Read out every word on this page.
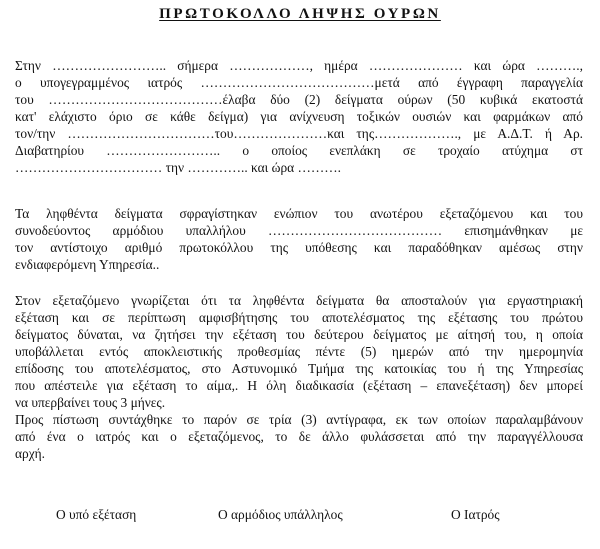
ΠΡΩΤΟΚΟΛΛΟ ΛΗΨΗΣ ΟΥΡΩΝ
Στην …………………….. σήμερα ………………, ημέρα ………………… και ώρα ……….,
ο υπογεγραμμένος ιατρός …………………………………μετά από έγγραφη παραγγελία
του …………………………………έλαβα δύο (2) δείγματα ούρων (50 κυβικά εκατοστά
κατ' ελάχιστο όριο σε κάθε δείγμα) για ανίχνευση τοξικών ουσιών και φαρμάκων από
τον/την ……………………………του…………………και της………………., με Α.Δ.Τ. ή Αρ.
Διαβατηρίου …………………….. ο οποίος ενεπλάκη σε τροχαίο ατύχημα στ
…………………………… την ………….. και ώρα ……….
Τα ληφθέντα δείγματα σφραγίστηκαν ενώπιον του ανωτέρου εξεταζόμενου και του
συνοδεύοντος αρμόδιου υπαλλήλου ………………………………… επισημάνθηκαν με
τον αντίστοιχο αριθμό πρωτοκόλλου της υπόθεσης και παραδόθηκαν αμέσως στην
ενδιαφερόμενη Υπηρεσία..
Στον εξεταζόμενο γνωρίζεται ότι τα ληφθέντα δείγματα θα αποσταλούν για εργαστηριακή
εξέταση και σε περίπτωση αμφισβήτησης του αποτελέσματος της εξέτασης του πρώτου
δείγματος δύναται, να ζητήσει την εξέταση του δεύτερου δείγματος με αίτησή του, η οποία
υποβάλλεται εντός αποκλειστικής προθεσμίας πέντε (5) ημερών από την ημερομηνία
επίδοσης του αποτελέσματος, στο Αστυνομικό Τμήμα της κατοικίας του ή της Υπηρεσίας
που απέστειλε για εξέταση το αίμα,. Η όλη διαδικασία (εξέταση – επανεξέταση) δεν μπορεί
να υπερβαίνει τους 3 μήνες.
Προς πίστωση συντάχθηκε το παρόν σε τρία (3) αντίγραφα, εκ των οποίων παραλαμβάνουν
από ένα ο ιατρός και ο εξεταζόμενος, το δε άλλο φυλάσσεται από την παραγγέλλουσα
αρχή.
Ο υπό εξέταση	Ο αρμόδιος υπάλληλος	Ο Ιατρός
